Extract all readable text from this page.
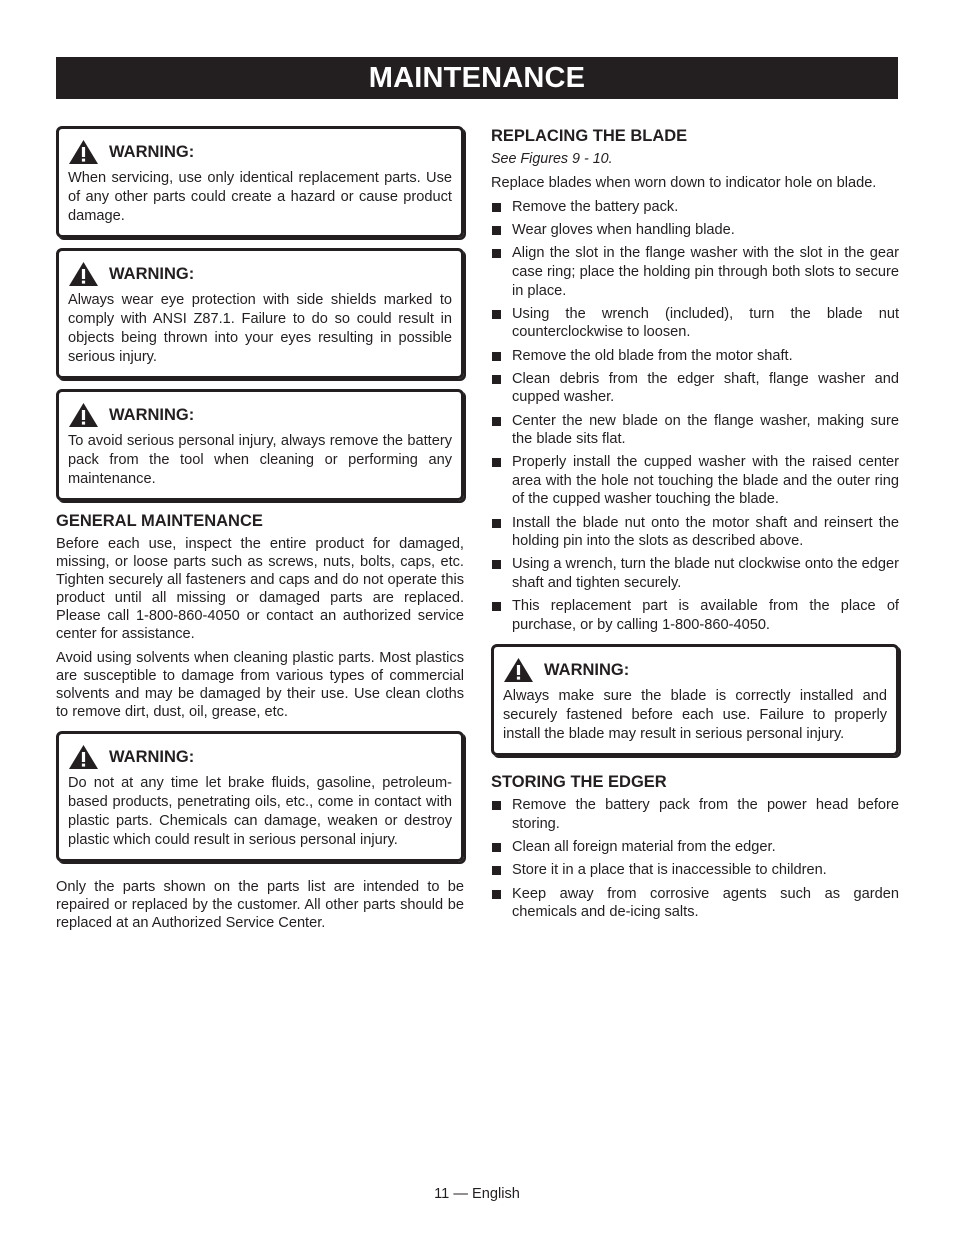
MAINTENANCE
WARNING:

When servicing, use only identical replacement parts. Use of any other parts could create a hazard or cause product damage.

WARNING:

Always wear eye protection with side shields marked to comply with ANSI Z87.1. Failure to do so could result in objects being thrown into your eyes resulting in possible serious injury.

WARNING:

To avoid serious personal injury, always remove the battery pack from the tool when cleaning or performing any maintenance.

GENERAL MAINTENANCE

Before each use, inspect the entire product for damaged, missing, or loose parts such as screws, nuts, bolts, caps, etc. Tighten securely all fasteners and caps and do not operate this product until all missing or damaged parts are replaced. Please call 1-800-860-4050 or contact an authorized service center for assistance.

Avoid using solvents when cleaning plastic parts. Most plastics are susceptible to damage from various types of commercial solvents and may be damaged by their use. Use clean cloths to remove dirt, dust, oil, grease, etc.

WARNING:

Do not at any time let brake fluids, gasoline, petroleum-based products, penetrating oils, etc., come in contact with plastic parts. Chemicals can damage, weaken or destroy plastic which could result in serious personal injury.

Only the parts shown on the parts list are intended to be repaired or replaced by the customer. All other parts should be replaced at an Authorized Service Center.

REPLACING THE BLADE

See Figures 9 - 10.

Replace blades when worn down to indicator hole on blade.

Remove the battery pack.
Wear gloves when handling blade.
Align the slot in the flange washer with the slot in the gear case ring; place the holding pin through both slots to secure in place.
Using the wrench (included), turn the blade nut counterclockwise to loosen.
Remove the old blade from the motor shaft.
Clean debris from the edger shaft, flange washer and cupped washer.
Center the new blade on the flange washer, making sure the blade sits flat.
Properly install the cupped washer with the raised center area with the hole not touching the blade and the outer ring of the cupped washer touching the blade.
Install the blade nut onto the motor shaft and reinsert the holding pin into the slots as described above.
Using a wrench, turn the blade nut clockwise onto the edger shaft and tighten securely.
This replacement part is available from the place of purchase, or by calling 1-800-860-4050.
WARNING:

Always make sure the blade is correctly installed and securely fastened before each use. Failure to properly install the blade may result in serious personal injury.

STORING THE EDGER
Remove the battery pack from the power head before storing.
Clean all foreign material from the edger.
Store it in a place that is inaccessible to children.
Keep away from corrosive agents such as garden chemicals and de-icing salts.
11 — English
